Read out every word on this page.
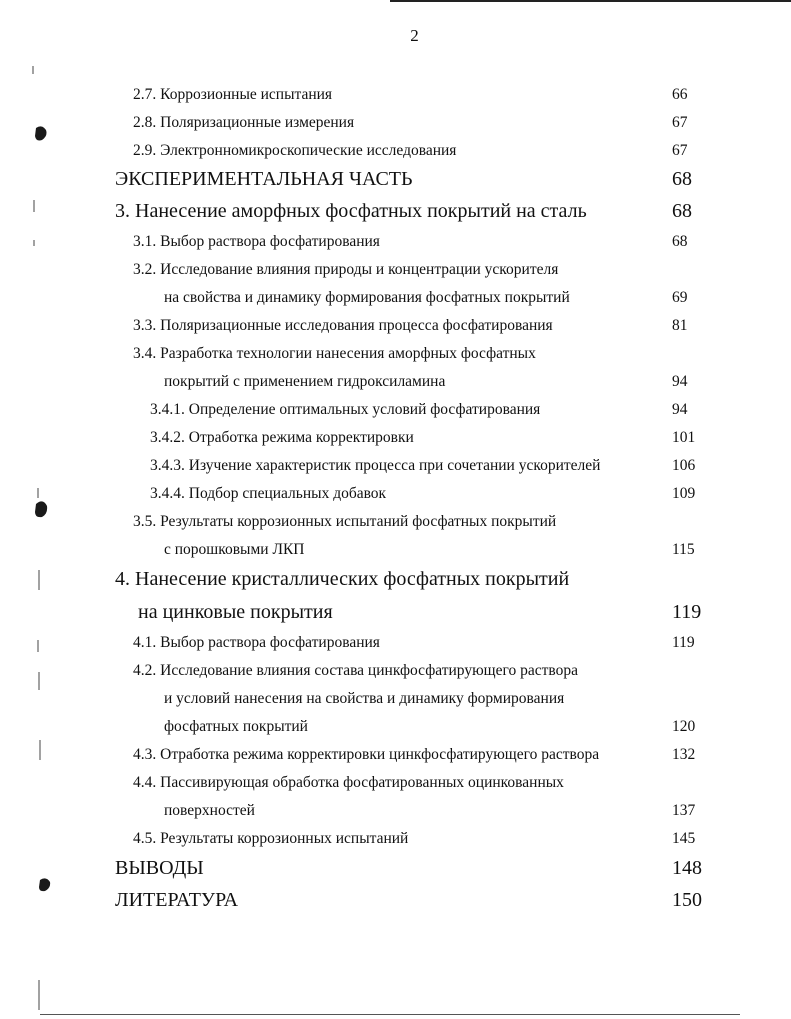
2
2.7. Коррозионные испытания	66
2.8. Поляризационные измерения	67
2.9. Электронномикроскопические исследования	67
ЭКСПЕРИМЕНТАЛЬНАЯ ЧАСТЬ	68
3. Нанесение аморфных фосфатных покрытий на сталь	68
3.1. Выбор раствора фосфатирования	68
3.2. Исследование влияния природы и концентрации ускорителя
на свойства и динамику формирования фосфатных покрытий	69
3.3. Поляризационные исследования процесса фосфатирования	81
3.4. Разработка технологии нанесения аморфных фосфатных
покрытий с применением гидроксиламина	94
3.4.1. Определение оптимальных условий фосфатирования	94
3.4.2. Отработка режима корректировки	101
3.4.3. Изучение характеристик процесса при сочетании ускорителей	106
3.4.4. Подбор специальных добавок	109
3.5. Результаты коррозионных испытаний фосфатных покрытий
с порошковыми ЛКП	115
4. Нанесение кристаллических фосфатных покрытий
на цинковые покрытия	119
4.1. Выбор раствора фосфатирования	119
4.2. Исследование влияния состава цинкфосфатирующего раствора
и условий нанесения на свойства и динамику формирования
фосфатных покрытий	120
4.3. Отработка режима корректировки цинкфосфатирующего раствора	132
4.4. Пассивирующая обработка фосфатированных оцинкованных
поверхностей	137
4.5. Результаты коррозионных испытаний	145
ВЫВОДЫ	148
ЛИТЕРАТУРА	150
